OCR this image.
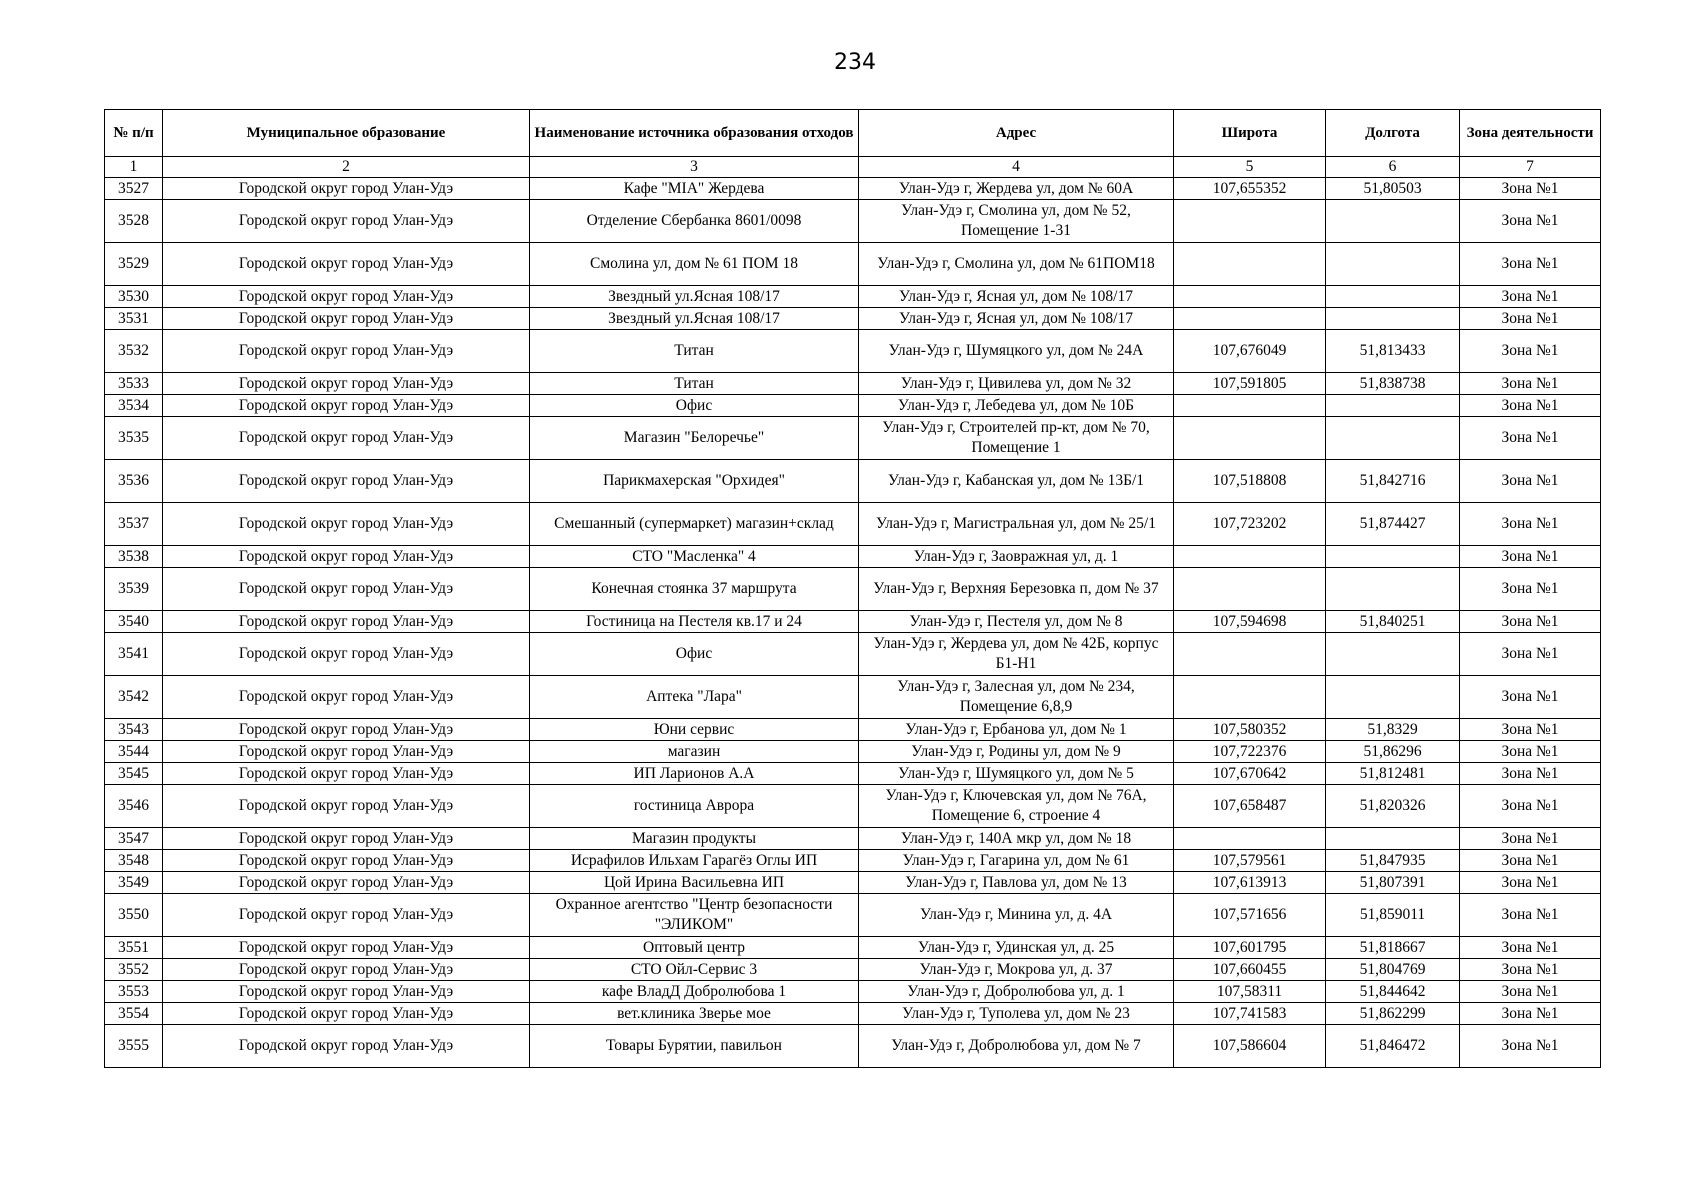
234
№ п/п	Муниципальное образование	Наименование источника образования отходов	Адрес	Широта	Долгота	Зона деятельности
1	2	3	4	5	6	7
3527	Городской округ город Улан-Удэ	Кафе "MIA" Жердева	Улан-Удэ г, Жердева ул, дом № 60А	107,655352	51,80503	Зона №1
3528	Городской округ город Улан-Удэ	Отделение Сбербанка 8601/0098	Улан-Удэ г, Смолина ул, дом № 52, Помещение 1-31			Зона №1
3529	Городской округ город Улан-Удэ	Смолина ул, дом № 61 ПОМ 18	Улан-Удэ г, Смолина ул, дом № 61ПОМ18			Зона №1
3530	Городской округ город Улан-Удэ	Звездный ул.Ясная 108/17	Улан-Удэ г, Ясная ул, дом № 108/17			Зона №1
3531	Городской округ город Улан-Удэ	Звездный ул.Ясная 108/17	Улан-Удэ г, Ясная ул, дом № 108/17			Зона №1
3532	Городской округ город Улан-Удэ	Титан	Улан-Удэ г, Шумяцкого ул, дом № 24А	107,676049	51,813433	Зона №1
3533	Городской округ город Улан-Удэ	Титан	Улан-Удэ г, Цивилева ул, дом № 32	107,591805	51,838738	Зона №1
3534	Городской округ город Улан-Удэ	Офис	Улан-Удэ г, Лебедева ул, дом № 10Б			Зона №1
3535	Городской округ город Улан-Удэ	Магазин "Белоречье"	Улан-Удэ г, Строителей пр-кт, дом № 70, Помещение 1			Зона №1
3536	Городской округ город Улан-Удэ	Парикмахерская "Орхидея"	Улан-Удэ г, Кабанская ул, дом № 13Б/1	107,518808	51,842716	Зона №1
3537	Городской округ город Улан-Удэ	Смешанный (супермаркет) магазин+склад	Улан-Удэ г, Магистральная ул, дом № 25/1	107,723202	51,874427	Зона №1
3538	Городской округ город Улан-Удэ	СТО "Масленка" 4	Улан-Удэ г, Заовражная ул, д. 1			Зона №1
3539	Городской округ город Улан-Удэ	Конечная стоянка 37 маршрута	Улан-Удэ г, Верхняя Березовка п, дом № 37			Зона №1
3540	Городской округ город Улан-Удэ	Гостиница на Пестеля кв.17 и 24	Улан-Удэ г, Пестеля ул, дом № 8	107,594698	51,840251	Зона №1
3541	Городской округ город Улан-Удэ	Офис	Улан-Удэ г, Жердева ул, дом № 42Б, корпус Б1-Н1			Зона №1
3542	Городской округ город Улан-Удэ	Аптека "Лара"	Улан-Удэ г, Залесная ул, дом № 234, Помещение 6,8,9			Зона №1
3543	Городской округ город Улан-Удэ	Юни сервис	Улан-Удэ г, Ербанова ул, дом № 1	107,580352	51,8329	Зона №1
3544	Городской округ город Улан-Удэ	магазин	Улан-Удэ г, Родины ул, дом № 9	107,722376	51,86296	Зона №1
3545	Городской округ город Улан-Удэ	ИП Ларионов А.А	Улан-Удэ г, Шумяцкого ул, дом № 5	107,670642	51,812481	Зона №1
3546	Городской округ город Улан-Удэ	гостиница Аврора	Улан-Удэ г, Ключевская ул, дом № 76А, Помещение 6, строение 4	107,658487	51,820326	Зона №1
3547	Городской округ город Улан-Удэ	Магазин продукты	Улан-Удэ г, 140А мкр ул, дом № 18			Зона №1
3548	Городской округ город Улан-Удэ	Исрафилов Ильхам Гарагёз Оглы ИП	Улан-Удэ г, Гагарина ул, дом № 61	107,579561	51,847935	Зона №1
3549	Городской округ город Улан-Удэ	Цой Ирина Васильевна ИП	Улан-Удэ г, Павлова ул, дом № 13	107,613913	51,807391	Зона №1
3550	Городской округ город Улан-Удэ	Охранное агентство "Центр безопасности "ЭЛИКОМ"	Улан-Удэ г, Минина ул, д. 4А	107,571656	51,859011	Зона №1
3551	Городской округ город Улан-Удэ	Оптовый центр	Улан-Удэ г, Удинская ул, д. 25	107,601795	51,818667	Зона №1
3552	Городской округ город Улан-Удэ	СТО Ойл-Сервис 3	Улан-Удэ г, Мокрова ул, д. 37	107,660455	51,804769	Зона №1
3553	Городской округ город Улан-Удэ	кафе ВладД Добролюбова 1	Улан-Удэ г, Добролюбова ул, д. 1	107,58311	51,844642	Зона №1
3554	Городской округ город Улан-Удэ	вет.клиника Зверье мое	Улан-Удэ г, Туполева ул, дом № 23	107,741583	51,862299	Зона №1
3555	Городской округ город Улан-Удэ	Товары Бурятии, павильон	Улан-Удэ г, Добролюбова ул, дом № 7	107,586604	51,846472	Зона №1
